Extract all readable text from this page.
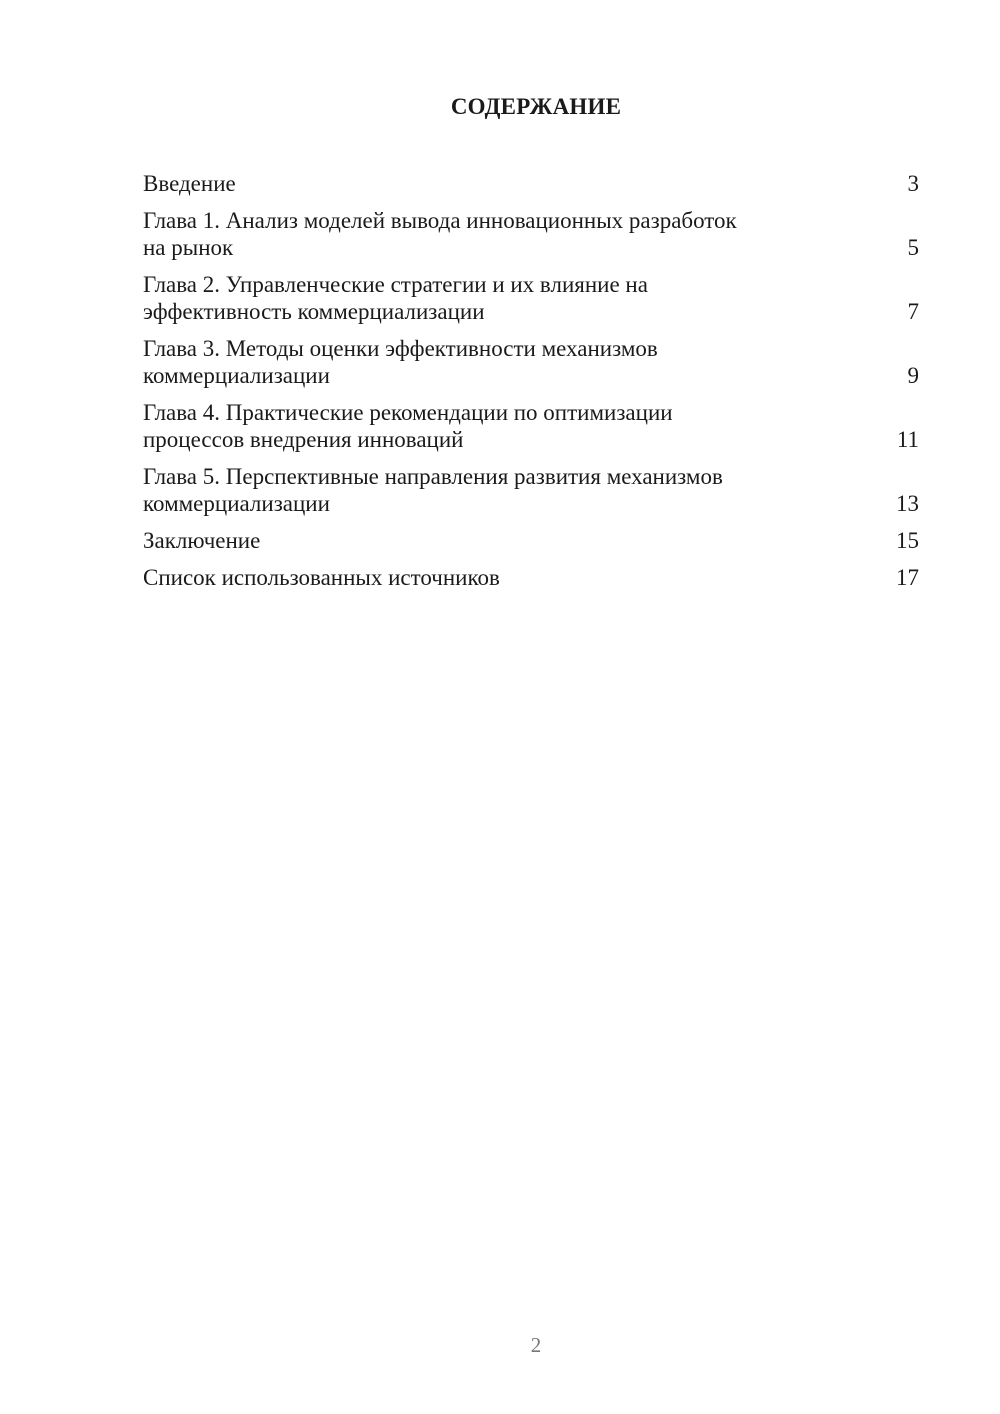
СОДЕРЖАНИЕ
Введение	3
Глава 1. Анализ моделей вывода инновационных разработок
на рынок	5
Глава 2. Управленческие стратегии и их влияние на
эффективность коммерциализации	7
Глава 3. Методы оценки эффективности механизмов
коммерциализации	9
Глава 4. Практические рекомендации по оптимизации
процессов внедрения инноваций	11
Глава 5. Перспективные направления развития механизмов
коммерциализации	13
Заключение	15
Список использованных источников	17
2
